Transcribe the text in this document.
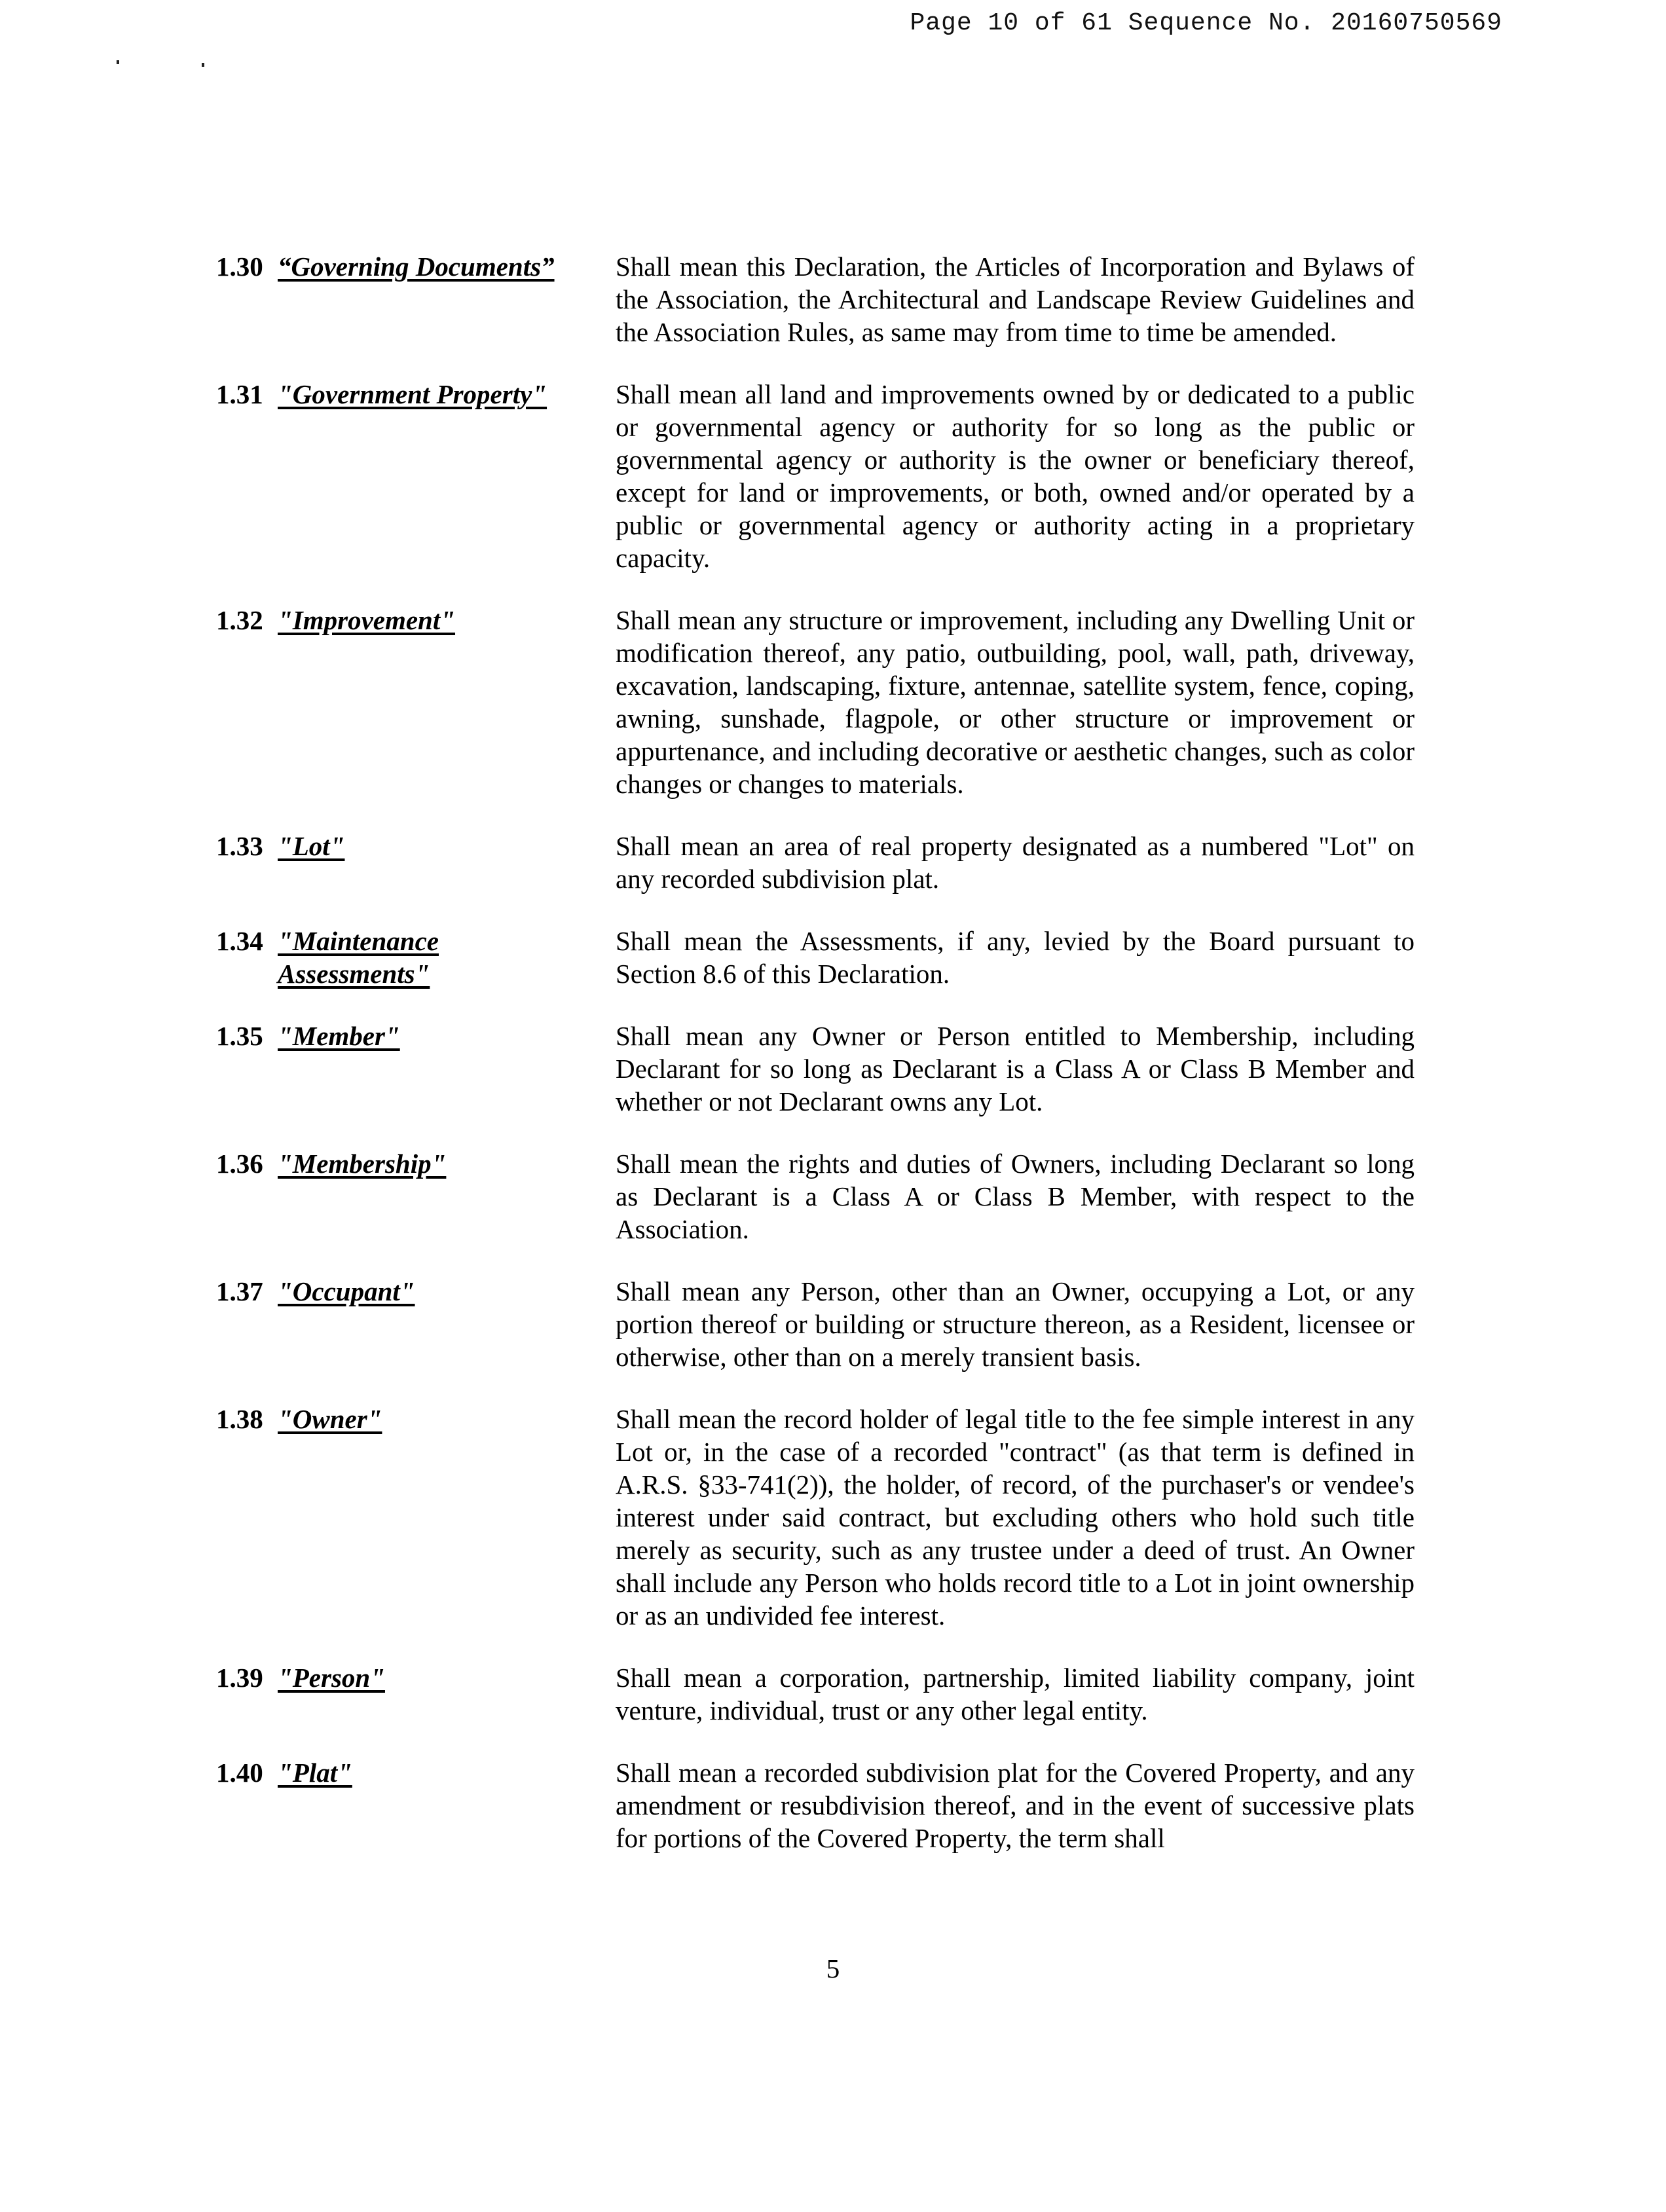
Page 10 of 61 Sequence No. 20160750569
1.30 “Governing Documents”	Shall mean this Declaration, the Articles of Incorporation and Bylaws of the Association, the Architectural and Landscape Review Guidelines and the Association Rules, as same may from time to time be amended.
1.31 "Government Property"	Shall mean all land and improvements owned by or dedicated to a public or governmental agency or authority for so long as the public or governmental agency or authority is the owner or beneficiary thereof, except for land or improvements, or both, owned and/or operated by a public or governmental agency or authority acting in a proprietary capacity.
1.32 "Improvement"	Shall mean any structure or improvement, including any Dwelling Unit or modification thereof, any patio, outbuilding, pool, wall, path, driveway, excavation, landscaping, fixture, antennae, satellite system, fence, coping, awning, sunshade, flagpole, or other structure or improvement or appurtenance, and including decorative or aesthetic changes, such as color changes or changes to materials.
1.33 "Lot"	Shall mean an area of real property designated as a numbered "Lot" on any recorded subdivision plat.
1.34 "Maintenance Assessments"
Shall mean the Assessments, if any, levied by the Board pursuant to Section 8.6 of this Declaration.
1.35 "Member"	Shall mean any Owner or Person entitled to Membership, including Declarant for so long as Declarant is a Class A or Class B Member and whether or not Declarant owns any Lot.
1.36 "Membership"	Shall mean the rights and duties of Owners, including Declarant so long as Declarant is a Class A or Class B Member, with respect to the Association.
1.37 "Occupant"	Shall mean any Person, other than an Owner, occupying a Lot, or any portion thereof or building or structure thereon, as a Resident, licensee or otherwise, other than on a merely transient basis.
1.38 "Owner"	Shall mean the record holder of legal title to the fee simple interest in any Lot or, in the case of a recorded "contract" (as that term is defined in A.R.S. §33-741(2)), the holder, of record, of the purchaser's or vendee's interest under said contract, but excluding others who hold such title merely as security, such as any trustee under a deed of trust. An Owner shall include any Person who holds record title to a Lot in joint ownership or as an undivided fee interest.
1.39 "Person"	Shall mean a corporation, partnership, limited liability company, joint venture, individual, trust or any other legal entity.
1.40 "Plat"	Shall mean a recorded subdivision plat for the Covered Property, and any amendment or resubdivision thereof, and in the event of successive plats for portions of the Covered Property, the term shall
5
